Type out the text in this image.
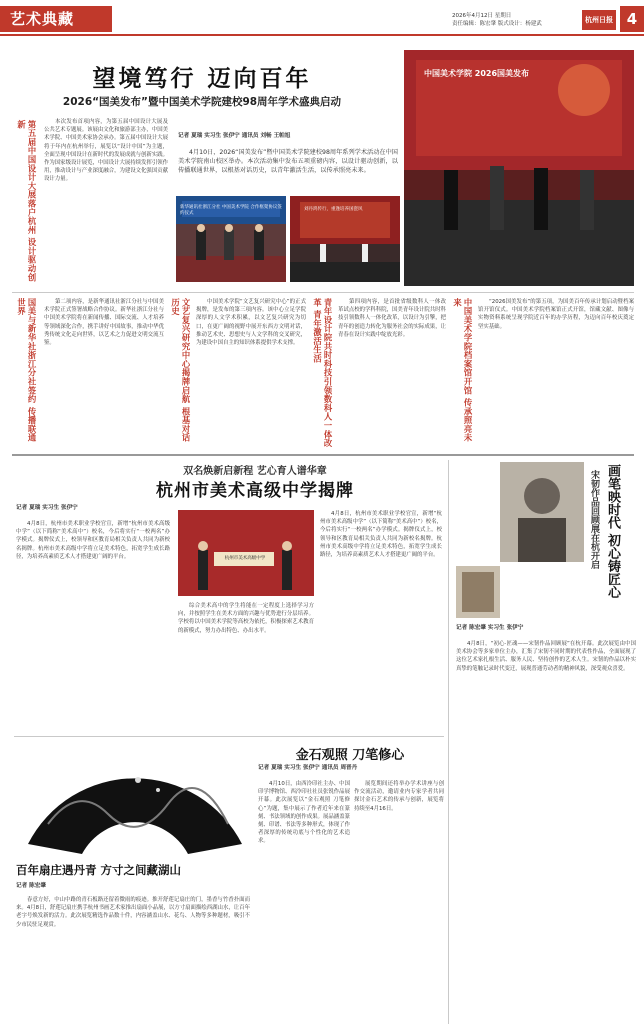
艺术典藏	2026年4月12日 星期日
责任编辑：陈宏肇 版式设计：杨建武	杭州日报 4
望境笃行 迈向百年
2026“国美发布”暨中国美术学院建校98周年学术盛典启动
第五届中国设计大展落户杭州 设计驱动创新	本次发布首项内容，为第五届中国设计大展及公共艺术专题展。该展由文化和旅游部主办，中国美术学院、中国美术家协会承办。第五届中国设计大展将于年内在杭州举行，展览以“设计中国”为主题，全面呈现中国设计在新时代的发展成就与创新实践。作为国家级设计展览，中国设计大展持续发挥引领作用，推动设计与产业深度融合，为建设文化强国贡献设计力量。
记者 夏瑞 实习生 张伊宁 通讯员 刘畅 王帕旭
4月10日，2026“国美发布”暨中国美术学院建校98周年系列学术活动在中国美术学院南山校区举办。本次活动集中发布五项重磅内容，以设计驱动创新，以传播联通世界，以根基对话历史，以青年激活生活，以传承照亮未来。
新华通讯社浙江分社 中国美术学院 合作框架协议签约仪式
刘丹鸿传行，重逢培养国瓷风
中国美术学院 2026国美发布
国美与新华社浙江分社签约 传播联通世界	第二项内容，是新华通讯社浙江分社与中国美术学院正式签署战略合作协议。新华社浙江分社与中国美术学院将在新闻传播、国际交流、人才培养等领域深化合作，携手讲好中国故事，推动中华优秀传统文化走向世界，以艺术之力促进文明交流互鉴。	文艺复兴研究中心揭牌启航 根基对话历史	中国美术学院“文艺复兴研究中心”的正式揭牌，是发布的第三项内容。该中心立足学院深厚的人文学术积累，以文艺复兴研究为切口，在更广阔的视野中展开东西方文明对话，推动艺术史、思想史与人文学科的交叉研究，为建设中国自主的知识体系提供学术支撑。	青年设计院共时科技引领数科人一体改革 青年激活生活	第四项内容，是首批省级数科人一体改革试点校的学科科院，国美青年设计院共时科技引领数科人一体化改革，以设计为引擎，把青年的创造力转化为服务社会的实际成果，让青春在设计实践中绽放光彩。	中国美术学院档案馆开馆 传承照亮未来	“2026国美发布”的第五项，为国美百年传承计划启动暨档案馆开馆仪式。中国美术学院档案馆正式开馆，馆藏文献、图像与实物资料系统呈现学院近百年的办学历程，为迈向百年校庆奠定坚实基础。
双名焕新启新程 艺心育人谱华章
杭州市美术高级中学揭牌
记者 夏瑞 实习生 张伊宁
4月8日，杭州市美术职业学校官宣，新增“杭州市美术高级中学”（以下简称“美术高中”）校名，今后将实行“一校两名”办学模式。揭牌仪式上，校领导和区教育局相关负责人共同为新校名揭牌。杭州市美术高级中学将立足美术特色，拓宽学生成长路径，为培养高素质艺术人才搭建更广阔的平台。	杭州市美术高级中学
综合美术高中的学生将能在一定程度上选择学习方向，并按照学生在美术方面的兴趣与优势进行分层培养。学校将以中国美术学院等高校为依托，积极探索艺术教育的新模式，努力办出特色、办出水平。
4月8日，杭州市美术职业学校官宣，新增“杭州市美术高级中学”（以下简称“美术高中”）校名，今后将实行“一校两名”办学模式。揭牌仪式上，校领导和区教育局相关负责人共同为新校名揭牌。杭州市美术高级中学将立足美术特色，拓宽学生成长路径，为培养高素质艺术人才搭建更广阔的平台。	画笔映时代 初心铸匠心
宋韧作品回顾展在杭开启
记者 陈宏肇 实习生 张伊宁
4月8日，“初心·匠魂——宋韧作品回顾展”在杭开幕。此次展览由中国美术协会等多家单位主办，汇集了宋韧不同时期的代表性作品，全面展现了这位艺术家扎根生活、服务人民、坚持创作的艺术人生。宋韧的作品以朴实真挚的笔触记录时代变迁，展现普通劳动者的精神风貌，深受观众喜爱。
金石观照 刀笔修心
记者 夏瑞 实习生 张伊宁 通讯员 周晋丹
4月10日，由西泠印社主办、中国印学博物馆、西泠印社社员张锐作品展开幕。此次展览以“金石观照 刀笔修心”为题，集中展示了作者近年来在篆刻、书法领域的创作成果。展品涵盖篆刻、印谱、书法等多种形式，体现了作者深厚的传统功底与个性化的艺术追求。
展览期间还将举办学术讲座与创作交流活动，邀请业内专家学者共同探讨金石艺术的传承与创新，展览将持续至4月16日。
百年扇庄遇丹青 方寸之间藏湖山
记者 陈宏肇
春意方好，中山中路的青石板路还留着微雨的痕迹。推开舒莲记扇庄的门，墨香与竹香扑面而来。4月8日，舒莲记扇庄携手杭州书画艺术家推出扇面小品展，以方寸扇面描绘西湖山水，让百年老字号焕发新的活力。此次展览精选作品数十件，内容涵盖山水、花鸟、人物等多种题材，吸引不少市民驻足观赏。
